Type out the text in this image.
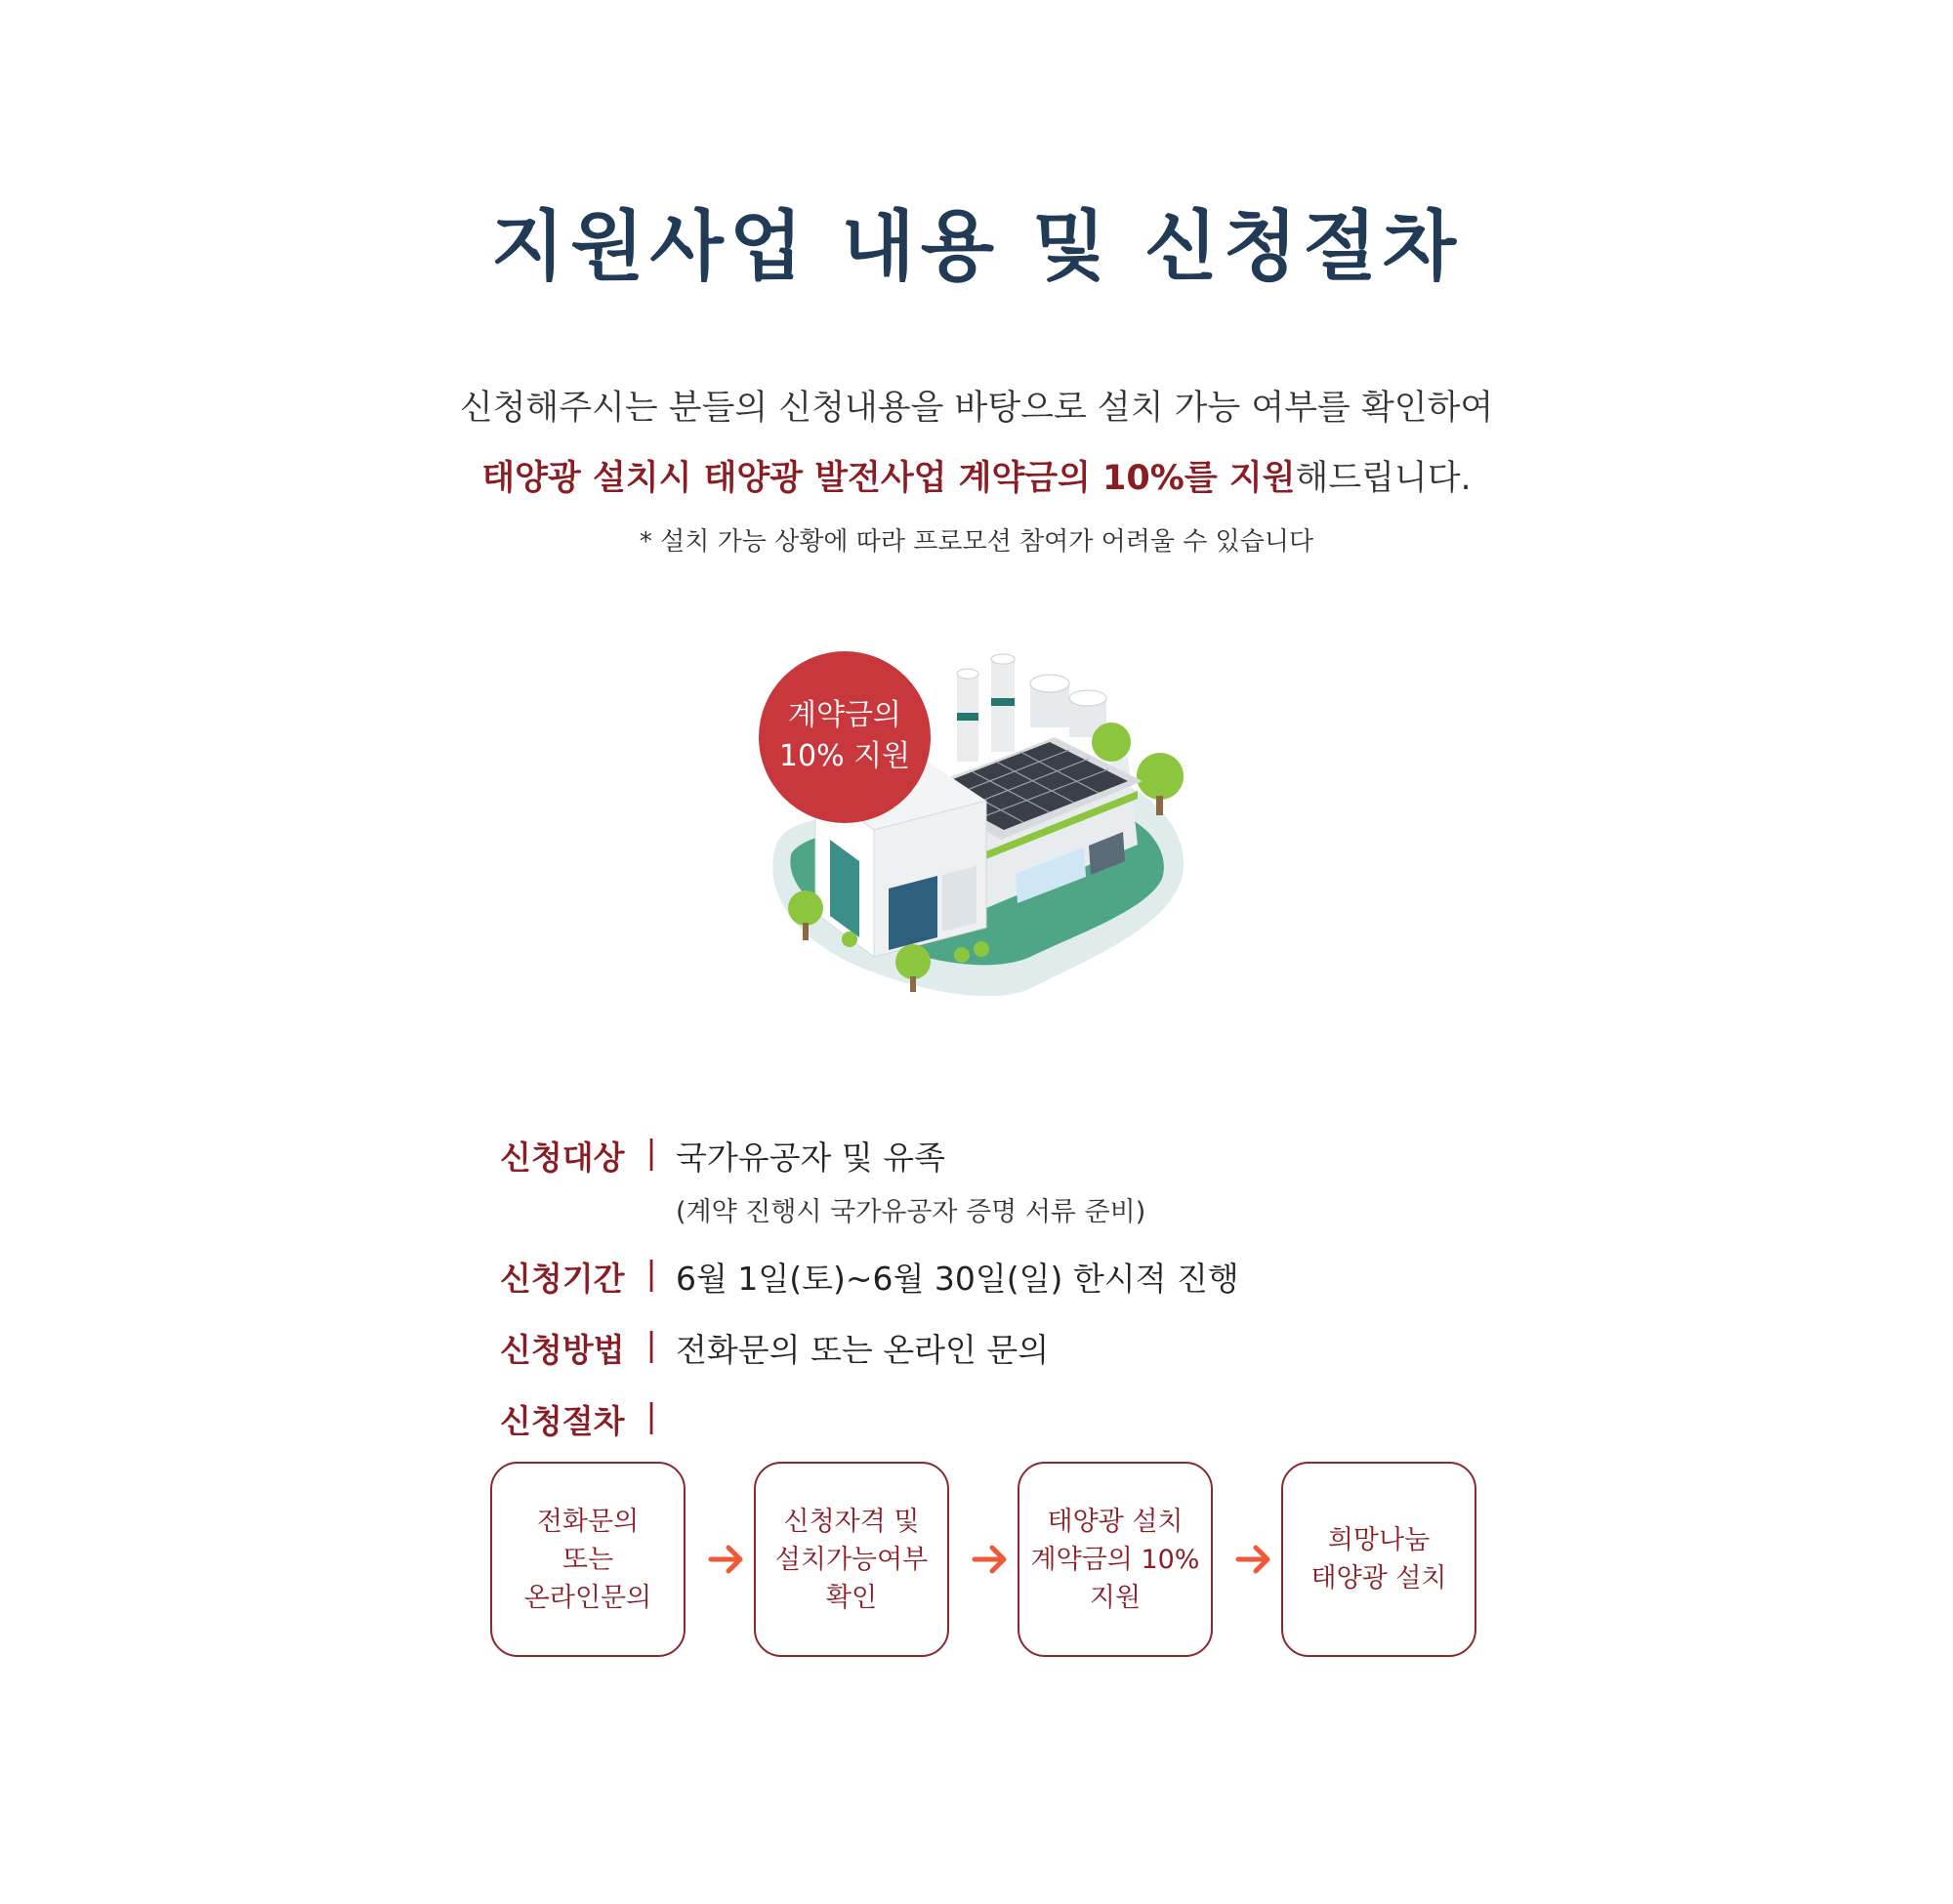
지원사업 내용 및 신청절차
신청해주시는 분들의 신청내용을 바탕으로 설치 가능 여부를 확인하여
태양광 설치시 태양광 발전사업 계약금의 10%를 지원해드립니다.
* 설치 가능 상황에 따라 프로모션 참여가 어려울 수 있습니다
계약금의
10% 지원
신청대상 | 국가유공자 및 유족
(계약 진행시 국가유공자 증명 서류 준비)
신청기간 | 6월 1일(토)~6월 30일(일) 한시적 진행
신청방법 | 전화문의 또는 온라인 문의
신청절차 |
전화문의
또는
온라인문의
신청자격 및
설치가능여부
확인
태양광 설치
계약금의 10%
지원
희망나눔
태양광 설치
